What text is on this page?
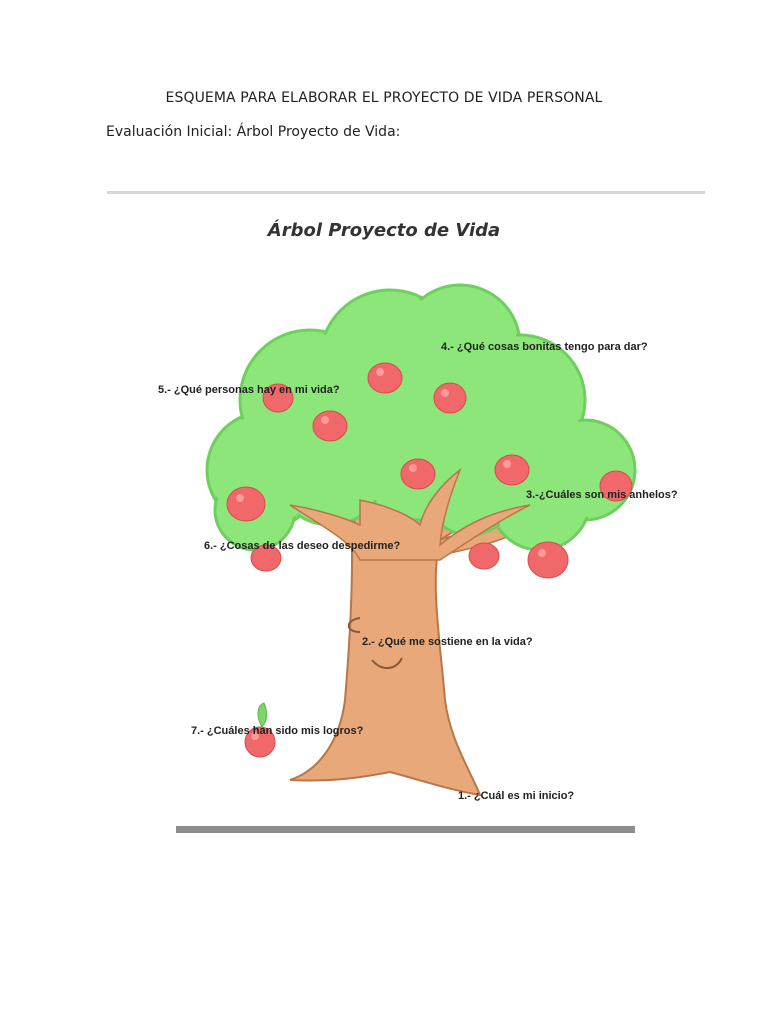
ESQUEMA PARA ELABORAR EL PROYECTO DE VIDA PERSONAL
Evaluación Inicial: Árbol Proyecto de Vida:
Árbol Proyecto de Vida
4.- ¿Qué cosas bonitas tengo para dar?
5.- ¿Qué personas hay en mi vida?
3.-¿Cuáles son mis anhelos?
6.- ¿Cosas de las deseo despedirme?
2.- ¿Qué me sostiene en la vida?
7.- ¿Cuáles han sido mis logros?
1.- ¿Cuál es mi inicio?
